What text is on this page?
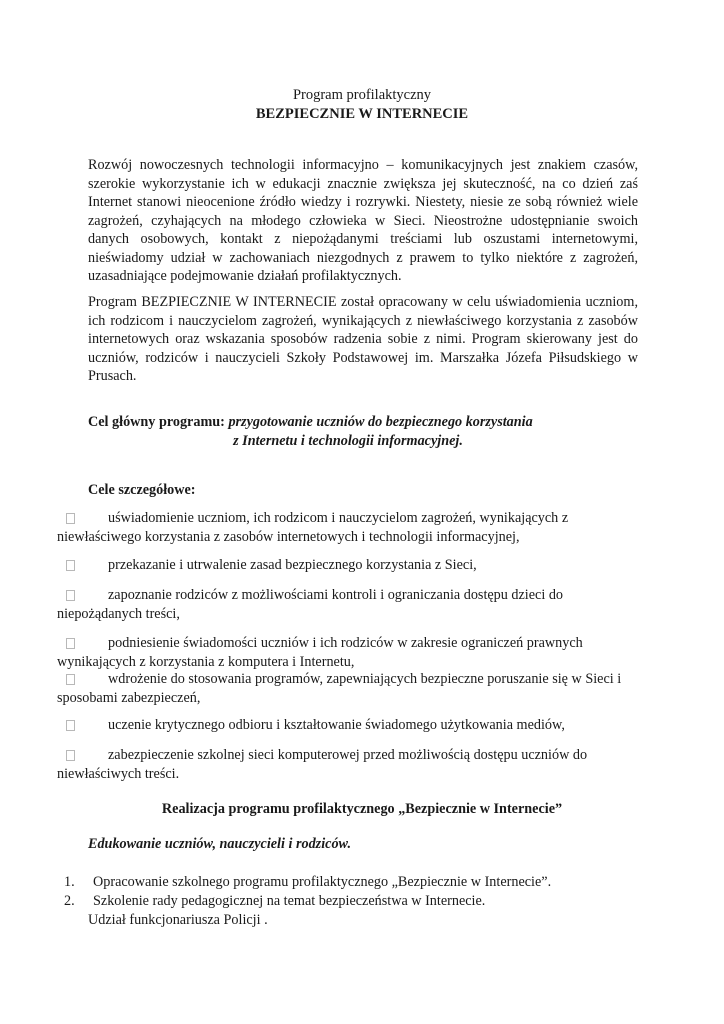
Program profilaktyczny

BEZPIECZNIE W INTERNECIE

Rozwój nowoczesnych technologii informacyjno – komunikacyjnych jest znakiem czasów, szerokie wykorzystanie ich w edukacji znacznie zwiększa jej skuteczność, na co dzień zaś Internet stanowi nieocenione źródło wiedzy i rozrywki. Niestety, niesie ze sobą również wiele zagrożeń, czyhających na młodego człowieka w Sieci. Nieostrożne udostępnianie swoich danych osobowych, kontakt z niepożądanymi treściami lub oszustami internetowymi, nieświadomy udział w zachowaniach niezgodnych z prawem to tylko niektóre z zagrożeń, uzasadniające podejmowanie działań profilaktycznych.

Program BEZPIECZNIE W INTERNECIE został opracowany w celu uświadomienia uczniom, ich rodzicom i nauczycielom zagrożeń, wynikających z niewłaściwego korzystania z zasobów internetowych oraz wskazania sposobów radzenia sobie z nimi. Program skierowany jest do uczniów, rodziców i nauczycieli Szkoły Podstawowej im. Marszałka Józefa Piłsudskiego w Prusach.

Cel główny programu: przygotowanie uczniów do bezpiecznego korzystania
z Internetu i technologii informacyjnej.

Cele szczegółowe:

uświadomienie uczniom, ich rodzicom i nauczycielom zagrożeń, wynikających z niewłaściwego korzystania z zasobów internetowych i technologii informacyjnej,
przekazanie i utrwalenie zasad bezpiecznego korzystania z Sieci,
zapoznanie rodziców z możliwościami kontroli i ograniczania dostępu dzieci do niepożądanych treści,
podniesienie świadomości uczniów i ich rodziców w zakresie ograniczeń prawnych wynikających z korzystania z komputera i Internetu,
wdrożenie do stosowania programów, zapewniających bezpieczne poruszanie się w Sieci i sposobami zabezpieczeń,
uczenie krytycznego odbioru i kształtowanie świadomego użytkowania mediów,
zabezpieczenie szkolnej sieci komputerowej przed możliwością dostępu uczniów do niewłaściwych treści.

Realizacja programu profilaktycznego „Bezpiecznie w Internecie”

Edukowanie uczniów, nauczycieli i rodziców.

1.	Opracowanie szkolnego programu profilaktycznego „Bezpiecznie w Internecie”.
2.	Szkolenie rady pedagogicznej na temat bezpieczeństwa w Internecie.

Udział funkcjonariusza Policji .
